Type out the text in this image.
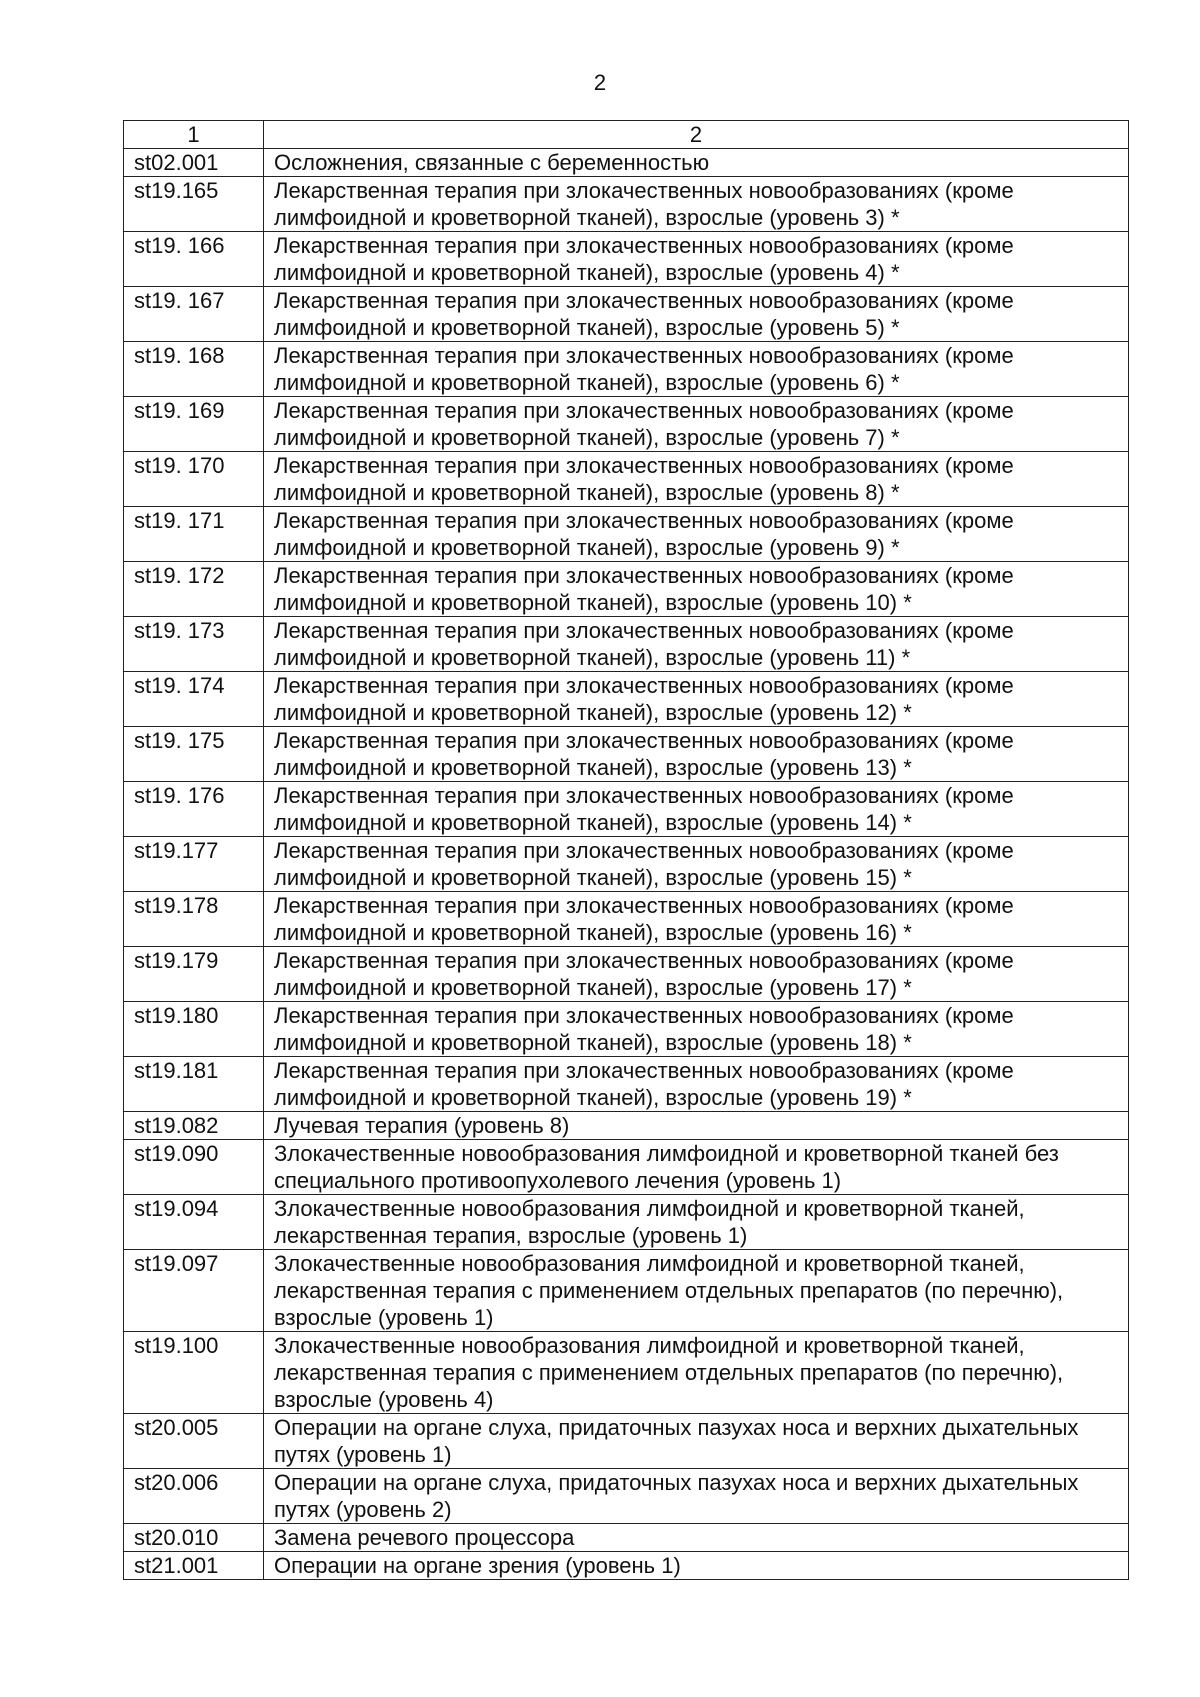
2
1	2
st02.001	Осложнения, связанные с беременностью
st19.165	Лекарственная терапия при злокачественных новообразованиях (кроме лимфоидной и кроветворной тканей), взрослые (уровень 3) *
st19. 166	Лекарственная терапия при злокачественных новообразованиях (кроме лимфоидной и кроветворной тканей), взрослые (уровень 4) *
st19. 167	Лекарственная терапия при злокачественных новообразованиях (кроме лимфоидной и кроветворной тканей), взрослые (уровень 5) *
st19. 168	Лекарственная терапия при злокачественных новообразованиях (кроме лимфоидной и кроветворной тканей), взрослые (уровень 6) *
st19. 169	Лекарственная терапия при злокачественных новообразованиях (кроме лимфоидной и кроветворной тканей), взрослые (уровень 7) *
st19. 170	Лекарственная терапия при злокачественных новообразованиях (кроме лимфоидной и кроветворной тканей), взрослые (уровень 8) *
st19. 171	Лекарственная терапия при злокачественных новообразованиях (кроме лимфоидной и кроветворной тканей), взрослые (уровень 9) *
st19. 172	Лекарственная терапия при злокачественных новообразованиях (кроме лимфоидной и кроветворной тканей), взрослые (уровень 10) *
st19. 173	Лекарственная терапия при злокачественных новообразованиях (кроме лимфоидной и кроветворной тканей), взрослые (уровень 11) *
st19. 174	Лекарственная терапия при злокачественных новообразованиях (кроме лимфоидной и кроветворной тканей), взрослые (уровень 12) *
st19. 175	Лекарственная терапия при злокачественных новообразованиях (кроме лимфоидной и кроветворной тканей), взрослые (уровень 13) *
st19. 176	Лекарственная терапия при злокачественных новообразованиях (кроме лимфоидной и кроветворной тканей), взрослые (уровень 14) *
st19.177	Лекарственная терапия при злокачественных новообразованиях (кроме лимфоидной и кроветворной тканей), взрослые (уровень 15) *
st19.178	Лекарственная терапия при злокачественных новообразованиях (кроме лимфоидной и кроветворной тканей), взрослые (уровень 16) *
st19.179	Лекарственная терапия при злокачественных новообразованиях (кроме лимфоидной и кроветворной тканей), взрослые (уровень 17) *
st19.180	Лекарственная терапия при злокачественных новообразованиях (кроме лимфоидной и кроветворной тканей), взрослые (уровень 18) *
st19.181	Лекарственная терапия при злокачественных новообразованиях (кроме лимфоидной и кроветворной тканей), взрослые (уровень 19) *
st19.082	Лучевая терапия (уровень 8)
st19.090	Злокачественные новообразования лимфоидной и кроветворной тканей без специального противоопухолевого лечения (уровень 1)
st19.094	Злокачественные новообразования лимфоидной и кроветворной тканей, лекарственная терапия, взрослые (уровень 1)
st19.097	Злокачественные новообразования лимфоидной и кроветворной тканей, лекарственная терапия с применением отдельных препаратов (по перечню), взрослые (уровень 1)
st19.100	Злокачественные новообразования лимфоидной и кроветворной тканей, лекарственная терапия с применением отдельных препаратов (по перечню), взрослые (уровень 4)
st20.005	Операции на органе слуха, придаточных пазухах носа и верхних дыхательных путях (уровень 1)
st20.006	Операции на органе слуха, придаточных пазухах носа и верхних дыхательных путях (уровень 2)
st20.010	Замена речевого процессора
st21.001	Операции на органе зрения (уровень 1)
